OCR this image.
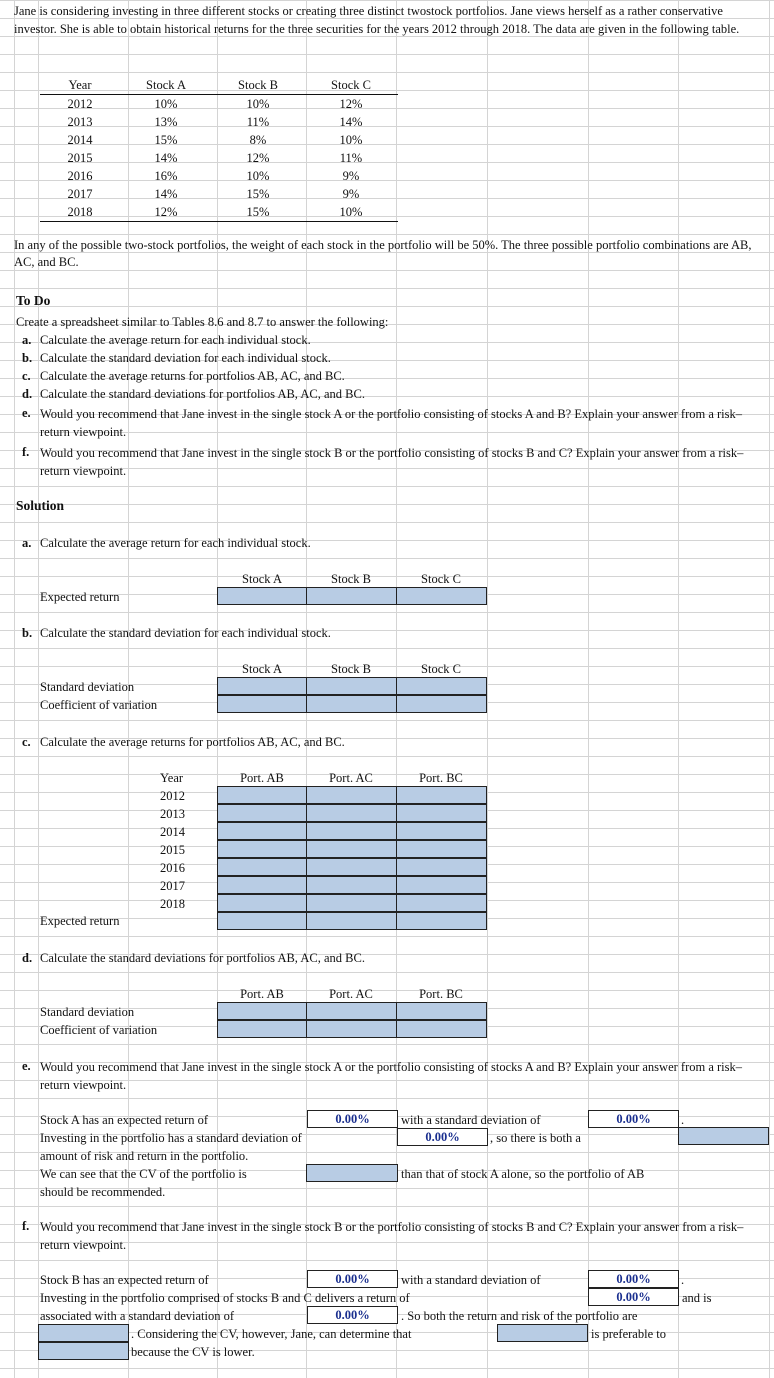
Jane is considering investing in three different stocks or creating three distinct twostock portfolios. Jane views herself as a rather conservative investor. She is able to obtain historical returns for the three securities for the years 2012 through 2018. The data are given in the following table.
Year	Stock A	Stock B	Stock C
2012	10%	10%	12%
2013	13%	11%	14%
2014	15%	8%	10%
2015	14%	12%	11%
2016	16%	10%	9%
2017	14%	15%	9%
2018	12%	15%	10%
In any of the possible two-stock portfolios, the weight of each stock in the portfolio will be 50%. The three possible portfolio combinations are AB, AC, and BC.
To Do
Create a spreadsheet similar to Tables 8.6 and 8.7 to answer the following:
a. Calculate the average return for each individual stock.
b. Calculate the standard deviation for each individual stock.
c. Calculate the average returns for portfolios AB, AC, and BC.
d. Calculate the standard deviations for portfolios AB, AC, and BC.
e. Would you recommend that Jane invest in the single stock A or the portfolio consisting of stocks A and B? Explain your answer from a risk–return viewpoint.
f. Would you recommend that Jane invest in the single stock B or the portfolio consisting of stocks B and C? Explain your answer from a risk–return viewpoint.
Solution
a. Calculate the average return for each individual stock.
Stock A	Stock B	Stock C
Expected return
b. Calculate the standard deviation for each individual stock.
Stock A	Stock B	Stock C
Standard deviation
Coefficient of variation
c. Calculate the average returns for portfolios AB, AC, and BC.
Year	Port. AB	Port. AC	Port. BC
2012
2013
2014
2015
2016
2017
2018
Expected return
d. Calculate the standard deviations for portfolios AB, AC, and BC.
Port. AB	Port. AC	Port. BC
Standard deviation
Coefficient of variation
e. Would you recommend that Jane invest in the single stock A or the portfolio consisting of stocks A and B? Explain your answer from a risk–return viewpoint.
Stock A has an expected return of	0.00%	with a standard deviation of	0.00%	.
Investing in the portfolio has a standard deviation of	0.00%	, so there is both a
amount of risk and return in the portfolio.
We can see that the CV of the portfolio is	than that of stock A alone, so the portfolio of AB
should be recommended.
f. Would you recommend that Jane invest in the single stock B or the portfolio consisting of stocks B and C? Explain your answer from a risk–return viewpoint.
Stock B has an expected return of	0.00%	with a standard deviation of	0.00%	.
Investing in the portfolio comprised of stocks B and C delivers a return of	0.00%	and is
associated with a standard deviation of	0.00%	. So both the return and risk of the portfolio are
. Considering the CV, however, Jane, can determine that	is preferable to
because the CV is lower.
